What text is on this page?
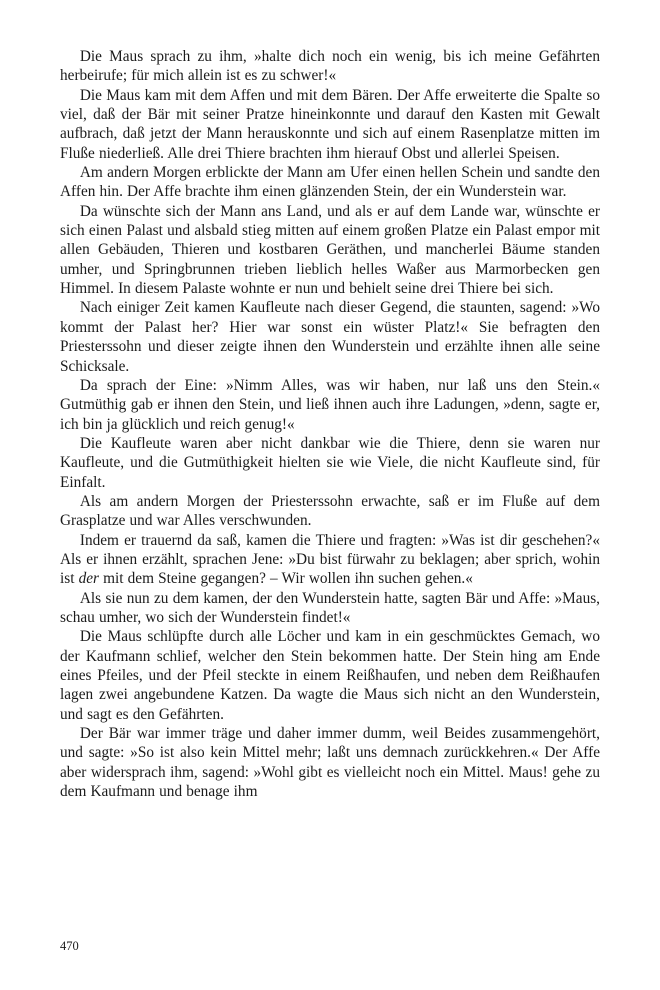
Die Maus sprach zu ihm, »halte dich noch ein wenig, bis ich meine Gefährten herbeirufe; für mich allein ist es zu schwer!«

Die Maus kam mit dem Affen und mit dem Bären. Der Affe erweiterte die Spalte so viel, daß der Bär mit seiner Pratze hineinkonnte und darauf den Kasten mit Gewalt aufbrach, daß jetzt der Mann herauskonnte und sich auf einem Rasenplatze mitten im Fluße niederließ. Alle drei Thiere brachten ihm hierauf Obst und allerlei Speisen.

Am andern Morgen erblickte der Mann am Ufer einen hellen Schein und sandte den Affen hin. Der Affe brachte ihm einen glänzenden Stein, der ein Wunderstein war.

Da wünschte sich der Mann ans Land, und als er auf dem Lande war, wünschte er sich einen Palast und alsbald stieg mitten auf einem großen Platze ein Palast empor mit allen Gebäuden, Thieren und kostbaren Geräthen, und mancherlei Bäume standen umher, und Springbrunnen trieben lieblich helles Waßer aus Marmorbecken gen Himmel. In diesem Palaste wohnte er nun und behielt seine drei Thiere bei sich.

Nach einiger Zeit kamen Kaufleute nach dieser Gegend, die staunten, sagend: »Wo kommt der Palast her? Hier war sonst ein wüster Platz!« Sie befragten den Priesterssohn und dieser zeigte ihnen den Wunderstein und erzählte ihnen alle seine Schicksale.

Da sprach der Eine: »Nimm Alles, was wir haben, nur laß uns den Stein.« Gutmüthig gab er ihnen den Stein, und ließ ihnen auch ihre Ladungen, »denn, sagte er, ich bin ja glücklich und reich genug!«

Die Kaufleute waren aber nicht dankbar wie die Thiere, denn sie waren nur Kaufleute, und die Gutmüthigkeit hielten sie wie Viele, die nicht Kaufleute sind, für Einfalt.

Als am andern Morgen der Priesterssohn erwachte, saß er im Fluße auf dem Grasplatze und war Alles verschwunden.

Indem er trauernd da saß, kamen die Thiere und fragten: »Was ist dir geschehen?« Als er ihnen erzählt, sprachen Jene: »Du bist fürwahr zu beklagen; aber sprich, wohin ist der mit dem Steine gegangen? – Wir wollen ihn suchen gehen.«

Als sie nun zu dem kamen, der den Wunderstein hatte, sagten Bär und Affe: »Maus, schau umher, wo sich der Wunderstein findet!«

Die Maus schlüpfte durch alle Löcher und kam in ein geschmücktes Gemach, wo der Kaufmann schlief, welcher den Stein bekommen hatte. Der Stein hing am Ende eines Pfeiles, und der Pfeil steckte in einem Reißhaufen, und neben dem Reißhaufen lagen zwei angebundene Katzen. Da wagte die Maus sich nicht an den Wunderstein, und sagt es den Gefährten.

Der Bär war immer träge und daher immer dumm, weil Beides zusammengehört, und sagte: »So ist also kein Mittel mehr; laßt uns demnach zurückkehren.« Der Affe aber widersprach ihm, sagend: »Wohl gibt es vielleicht noch ein Mittel. Maus! gehe zu dem Kaufmann und benage ihm

470
